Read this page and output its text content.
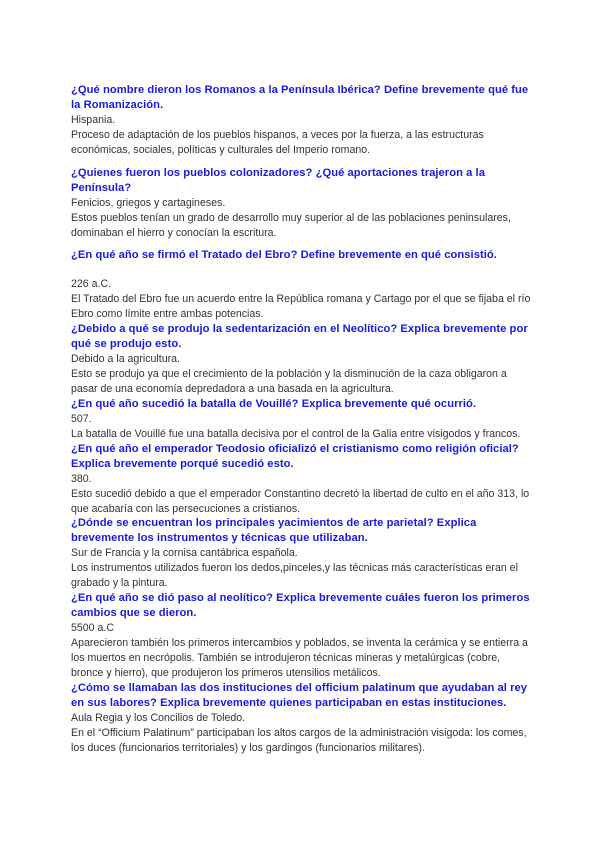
¿Qué nombre dieron los Romanos a la Península Ibérica? Define brevemente qué fue la Romanización.

Hispania.

Proceso de adaptación de los pueblos hispanos, a veces por la fuerza, a las estructuras económicas, sociales, políticas y culturales del Imperio romano.

¿Quienes fueron los pueblos colonizadores? ¿Qué aportaciones trajeron a la Península?

Fenicios, griegos y cartagineses.

Estos pueblos tenían un grado de desarrollo muy superior al de las poblaciones peninsulares, dominaban el hierro y conocían la escritura.

¿En qué año se firmó el Tratado del Ebro? Define brevemente en qué consistió.

226 a.C.

El Tratado del Ebro fue un acuerdo entre la República romana y Cartago por el que se fijaba el río Ebro como límite entre ambas potencias.

¿Debido a qué se produjo la sedentarización en el Neolítico? Explica brevemente por qué se produjo esto.

Debido a la agricultura.

Esto se produjo ya que el crecimiento de la población y la disminución de la caza obligaron a pasar de una economía depredadora a una basada en la agricultura.

¿En qué año sucedió la batalla de Vouillé? Explica brevemente qué ocurrió.

507.

La batalla de Vouillé fue una batalla decisiva por el control de la Galia entre visigodos y francos.

¿En qué año el emperador Teodosio oficializó el cristianismo como religión oficial? Explica brevemente porqué sucedió esto.

380.

Esto sucedió debido a que el emperador Constantino decretó la libertad de culto en el año 313, lo que acabaría con las persecuciones a cristianos.

¿Dónde se encuentran los principales yacimientos de arte parietal? Explica brevemente los instrumentos y técnicas que utilizaban.

Sur de Francia y la cornisa cantábrica española.

Los instrumentos utilizados fueron los dedos,pinceles,y las técnicas más características eran el grabado y la pintura.

¿En qué año se dió paso al neolítico? Explica brevemente cuáles fueron los primeros cambios que se dieron.

5500 a.C

Aparecieron también los primeros intercambios y poblados, se inventa la cerámica y se entierra a los muertos en necrópolis. También se introdujeron técnicas mineras y metalúrgicas (cobre, bronce y hierro), que produjeron los primeros utensilios metálicos.

¿Cómo se llamaban las dos instituciones del officium palatinum que ayudaban al rey en sus labores? Explica brevemente quienes participaban en estas instituciones.

Aula Regia y los Concilios de Toledo.

En el “Officium Palatinum” participaban los altos cargos de la administración visigoda: los comes, los duces (funcionarios territoriales) y los gardingos (funcionarios militares).
